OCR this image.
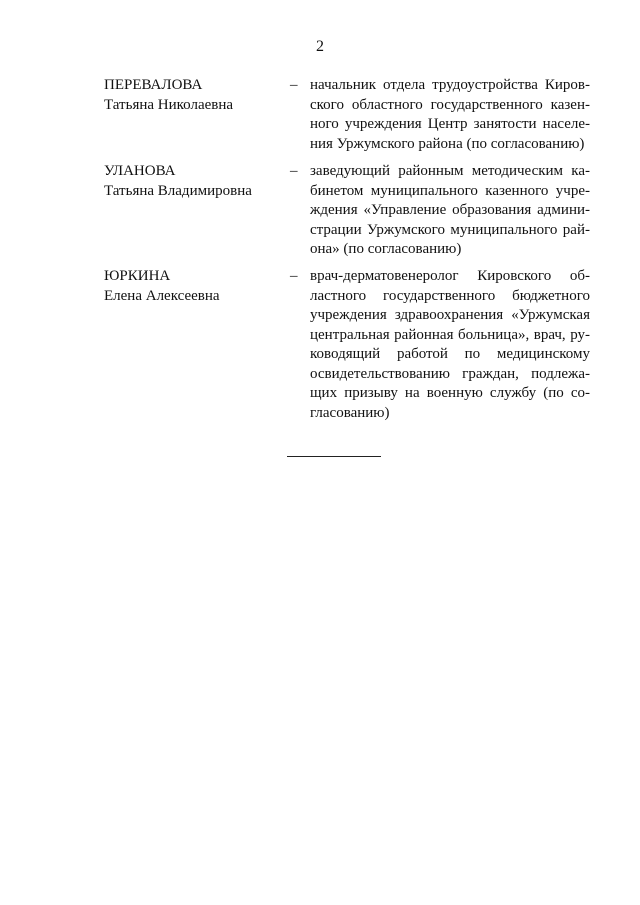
2
ПЕРЕВАЛОВА
Татьяна Николаевна
– начальник отдела трудоустройства Киров-
ского областного государственного казен-
ного учреждения Центр занятости населе-
ния Уржумского района (по согласованию)
УЛАНОВА
Татьяна Владимировна
– заведующий районным методическим ка-
бинетом муниципального казенного учре-
ждения «Управление образования админи-
страции Уржумского муниципального рай-
она» (по согласованию)
ЮРКИНА
Елена Алексеевна
– врач-дерматовенеролог Кировского об-
ластного государственного бюджетного
учреждения здравоохранения «Уржумская
центральная районная больница», врач, ру-
ководящий работой по медицинскому
освидетельствованию граждан, подлежа-
щих призыву на военную службу (по со-
гласованию)
